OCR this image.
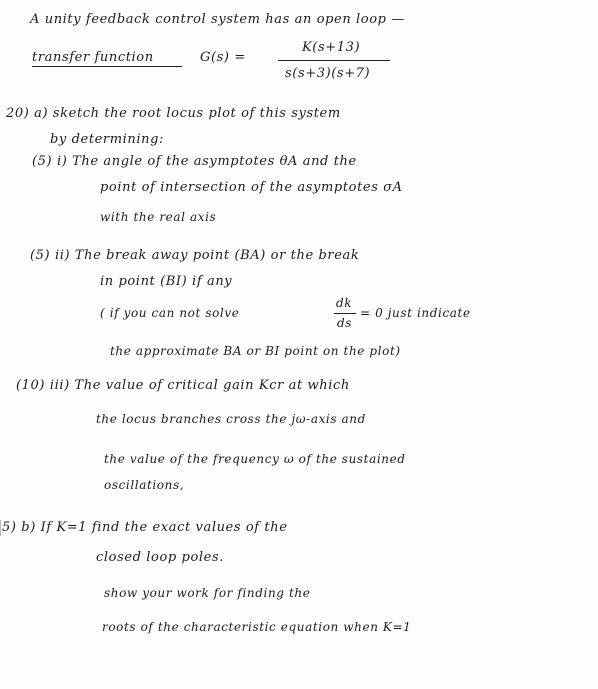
A unity feedback control system has an open loop —
transfer function	G(s) =
K(s+13)
s(s+3)(s+7)
20) a) sketch the root locus plot of this system
by determining:
(5) i) The angle of the asymptotes θA and the
point of intersection of the asymptotes σA
with the real axis
(5) ii) The break away point (BA) or the break
in point (BI) if any
( if you can not solve
dk
ds
= 0 just indicate
the approximate BA or BI point on the plot)
(10) iii) The value of critical gain Kcr at which
the locus branches cross the jω-axis and
the value of the frequency ω of the sustained
oscillations,
5) b) If K=1 find the exact values of the
closed loop poles.
show your work for finding the
roots of the characteristic equation when K=1
